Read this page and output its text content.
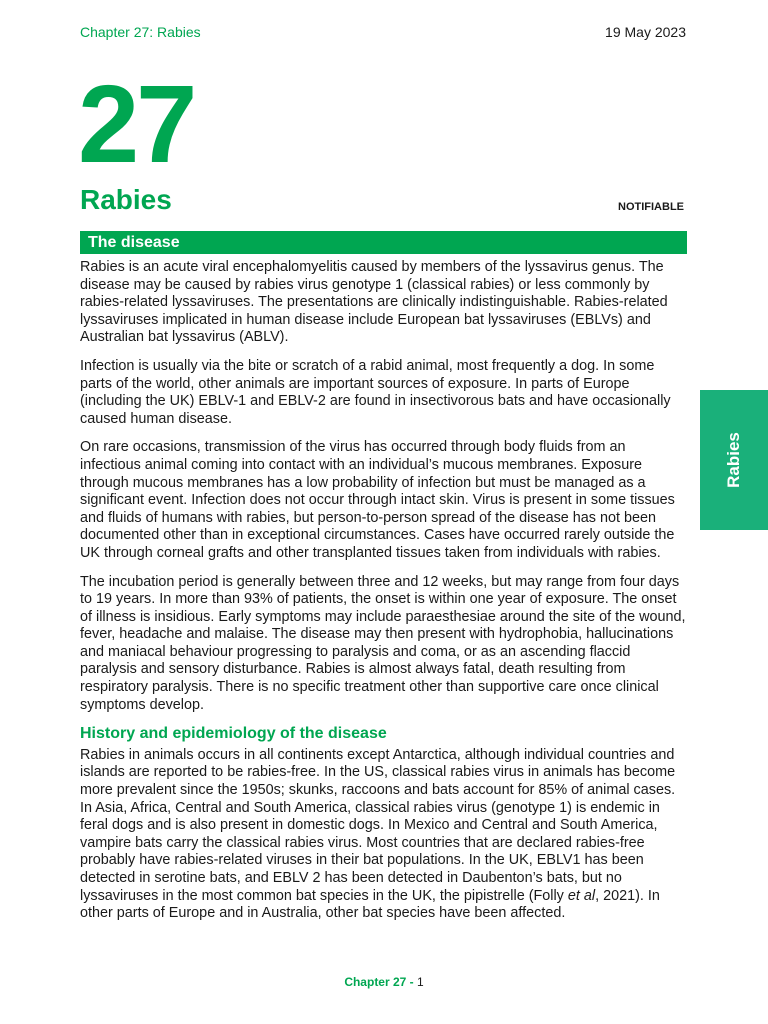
Chapter 27: Rabies	19 May 2023
27
Rabies	NOTIFIABLE
The disease

Rabies is an acute viral encephalomyelitis caused by members of the lyssavirus genus. The disease may be caused by rabies virus genotype 1 (classical rabies) or less commonly by rabies-related lyssaviruses. The presentations are clinically indistinguishable. Rabies-related lyssaviruses implicated in human disease include European bat lyssaviruses (EBLVs) and Australian bat lyssavirus (ABLV).

Infection is usually via the bite or scratch of a rabid animal, most frequently a dog. In some parts of the world, other animals are important sources of exposure. In parts of Europe (including the UK) EBLV-1 and EBLV-2 are found in insectivorous bats and have occasionally caused human disease.

On rare occasions, transmission of the virus has occurred through body fluids from an infectious animal coming into contact with an individual’s mucous membranes. Exposure through mucous membranes has a low probability of infection but must be managed as a significant event. Infection does not occur through intact skin. Virus is present in some tissues and fluids of humans with rabies, but person-to-person spread of the disease has not been documented other than in exceptional circumstances. Cases have occurred rarely outside the UK through corneal grafts and other transplanted tissues taken from individuals with rabies.

The incubation period is generally between three and 12 weeks, but may range from four days to 19 years. In more than 93% of patients, the onset is within one year of exposure. The onset of illness is insidious. Early symptoms may include paraesthesiae around the site of the wound, fever, headache and malaise. The disease may then present with hydrophobia, hallucinations and maniacal behaviour progressing to paralysis and coma, or as an ascending flaccid paralysis and sensory disturbance. Rabies is almost always fatal, death resulting from respiratory paralysis. There is no specific treatment other than supportive care once clinical symptoms develop.

History and epidemiology of the disease

Rabies in animals occurs in all continents except Antarctica, although individual countries and islands are reported to be rabies-free. In the US, classical rabies virus in animals has become more prevalent since the 1950s; skunks, raccoons and bats account for 85% of animal cases. In Asia, Africa, Central and South America, classical rabies virus (genotype 1) is endemic in feral dogs and is also present in domestic dogs. In Mexico and Central and South America, vampire bats carry the classical rabies virus. Most countries that are declared rabies-free probably have rabies-related viruses in their bat populations. In the UK, EBLV1 has been detected in serotine bats, and EBLV 2 has been detected in Daubenton’s bats, but no lyssaviruses in the most common bat species in the UK, the pipistrelle (Folly et al, 2021). In other parts of Europe and in Australia, other bat species have been affected.

Rabies
Chapter 27 - 1
